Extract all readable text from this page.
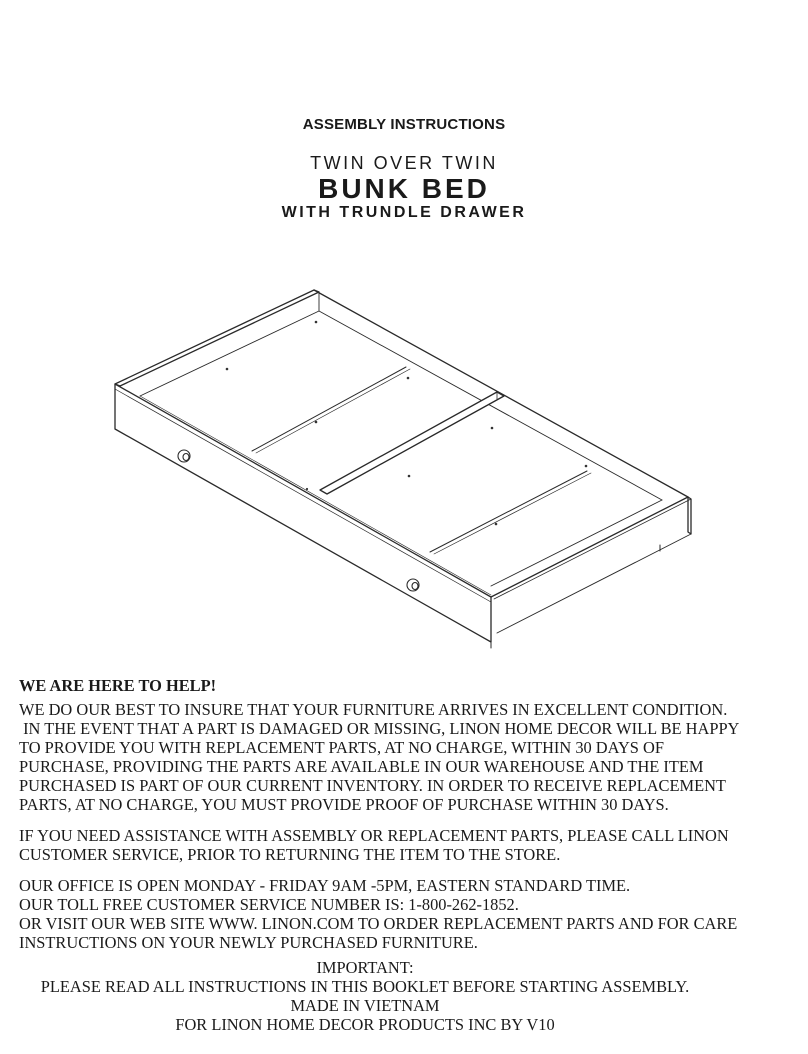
ASSEMBLY INSTRUCTIONS
TWIN OVER TWIN
BUNK BED
WITH TRUNDLE DRAWER
WE ARE HERE TO HELP!

WE DO OUR BEST TO INSURE THAT YOUR FURNITURE ARRIVES IN EXCELLENT CONDITION.

IN THE EVENT THAT A PART IS DAMAGED OR MISSING, LINON HOME DECOR WILL BE HAPPY

TO PROVIDE YOU WITH REPLACEMENT PARTS, AT NO CHARGE, WITHIN 30 DAYS OF

PURCHASE, PROVIDING THE PARTS ARE AVAILABLE IN OUR WAREHOUSE AND THE ITEM

PURCHASED IS PART OF OUR CURRENT INVENTORY. IN ORDER TO RECEIVE REPLACEMENT

PARTS, AT NO CHARGE, YOU MUST PROVIDE PROOF OF PURCHASE WITHIN 30 DAYS.

IF YOU NEED ASSISTANCE WITH ASSEMBLY OR REPLACEMENT PARTS, PLEASE CALL LINON

CUSTOMER SERVICE, PRIOR TO RETURNING THE ITEM TO THE STORE.

OUR OFFICE IS OPEN MONDAY - FRIDAY 9AM -5PM, EASTERN STANDARD TIME.

OUR TOLL FREE CUSTOMER SERVICE NUMBER IS: 1-800-262-1852.

OR VISIT OUR WEB SITE WWW. LINON.COM TO ORDER REPLACEMENT PARTS AND FOR CARE

INSTRUCTIONS ON YOUR NEWLY PURCHASED FURNITURE.

IMPORTANT:
PLEASE READ ALL INSTRUCTIONS IN THIS BOOKLET BEFORE STARTING ASSEMBLY.
MADE IN VIETNAM
FOR LINON HOME DECOR PRODUCTS INC BY V10
